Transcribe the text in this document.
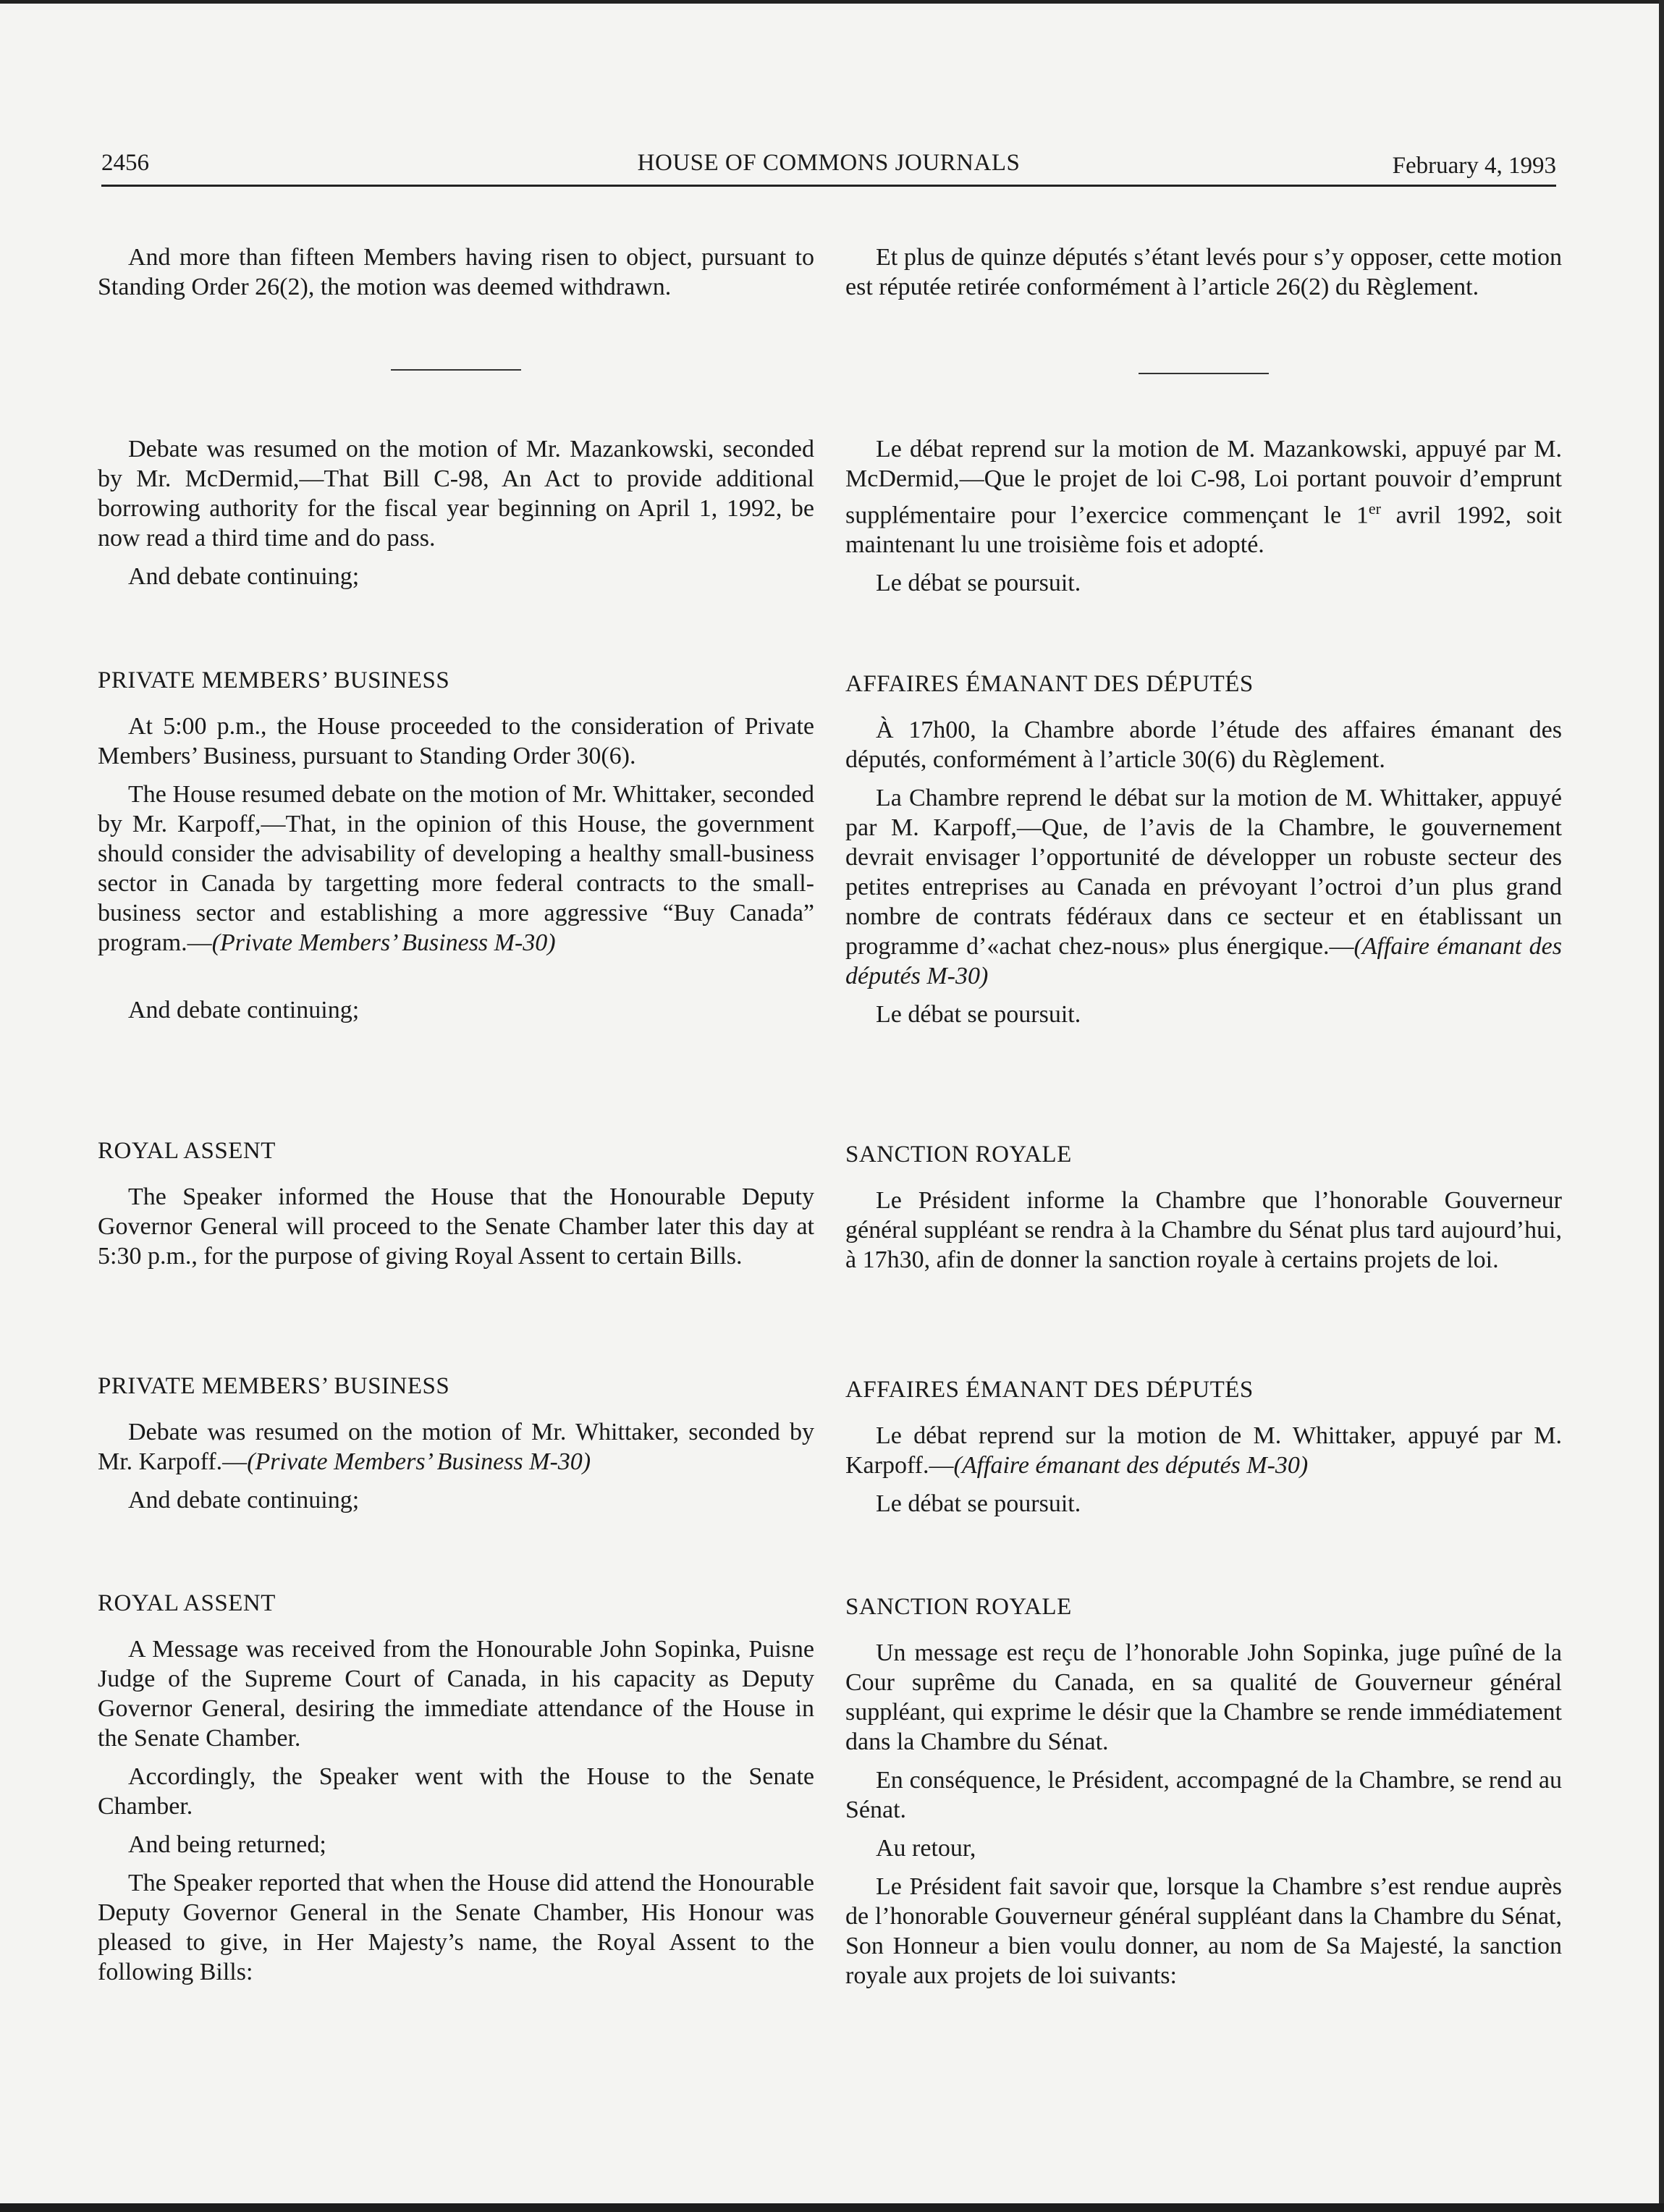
2456	HOUSE OF COMMONS JOURNALS	February 4, 1993

And more than fifteen Members having risen to object, pursuant to Standing Order 26(2), the motion was deemed withdrawn.

Debate was resumed on the motion of Mr. Mazankowski, seconded by Mr. McDermid,—That Bill C-98, An Act to provide additional borrowing authority for the fiscal year beginning on April 1, 1992, be now read a third time and do pass.

And debate continuing;

PRIVATE MEMBERS’ BUSINESS

At 5:00 p.m., the House proceeded to the consideration of Private Members’ Business, pursuant to Standing Order 30(6).

The House resumed debate on the motion of Mr. Whittaker, seconded by Mr. Karpoff,—That, in the opinion of this House, the government should consider the advisability of developing a healthy small-business sector in Canada by targetting more federal contracts to the small-business sector and establishing a more aggressive “Buy Canada” program.—(Private Members’ Business M-30)

And debate continuing;

ROYAL ASSENT

The Speaker informed the House that the Honourable Deputy Governor General will proceed to the Senate Chamber later this day at 5:30 p.m., for the purpose of giving Royal Assent to certain Bills.

PRIVATE MEMBERS’ BUSINESS

Debate was resumed on the motion of Mr. Whittaker, seconded by Mr. Karpoff.—(Private Members’ Business M-30)

And debate continuing;

ROYAL ASSENT

A Message was received from the Honourable John Sopinka, Puisne Judge of the Supreme Court of Canada, in his capacity as Deputy Governor General, desiring the immediate attendance of the House in the Senate Chamber.

Accordingly, the Speaker went with the House to the Senate Chamber.

And being returned;

The Speaker reported that when the House did attend the Honourable Deputy Governor General in the Senate Chamber, His Honour was pleased to give, in Her Majesty’s name, the Royal Assent to the following Bills:

Et plus de quinze députés s’étant levés pour s’y opposer, cette motion est réputée retirée conformément à l’article 26(2) du Règlement.

Le débat reprend sur la motion de M. Mazankowski, appuyé par M. McDermid,—Que le projet de loi C-98, Loi portant pouvoir d’emprunt supplémentaire pour l’exercice commençant le 1er avril 1992, soit maintenant lu une troisième fois et adopté.

Le débat se poursuit.

AFFAIRES ÉMANANT DES DÉPUTÉS

À 17h00, la Chambre aborde l’étude des affaires émanant des députés, conformément à l’article 30(6) du Règlement.

La Chambre reprend le débat sur la motion de M. Whittaker, appuyé par M. Karpoff,—Que, de l’avis de la Chambre, le gouvernement devrait envisager l’opportunité de développer un robuste secteur des petites entreprises au Canada en prévoyant l’octroi d’un plus grand nombre de contrats fédéraux dans ce secteur et en établissant un programme d’«achat chez-nous» plus énergique.—(Affaire émanant des députés M-30)

Le débat se poursuit.

SANCTION ROYALE

Le Président informe la Chambre que l’honorable Gouverneur général suppléant se rendra à la Chambre du Sénat plus tard aujourd’hui, à 17h30, afin de donner la sanction royale à certains projets de loi.

AFFAIRES ÉMANANT DES DÉPUTÉS

Le débat reprend sur la motion de M. Whittaker, appuyé par M. Karpoff.—(Affaire émanant des députés M-30)

Le débat se poursuit.

SANCTION ROYALE

Un message est reçu de l’honorable John Sopinka, juge puîné de la Cour suprême du Canada, en sa qualité de Gouverneur général suppléant, qui exprime le désir que la Chambre se rende immédiatement dans la Chambre du Sénat.

En conséquence, le Président, accompagné de la Chambre, se rend au Sénat.

Au retour,

Le Président fait savoir que, lorsque la Chambre s’est rendue auprès de l’honorable Gouverneur général suppléant dans la Chambre du Sénat, Son Honneur a bien voulu donner, au nom de Sa Majesté, la sanction royale aux projets de loi suivants:
